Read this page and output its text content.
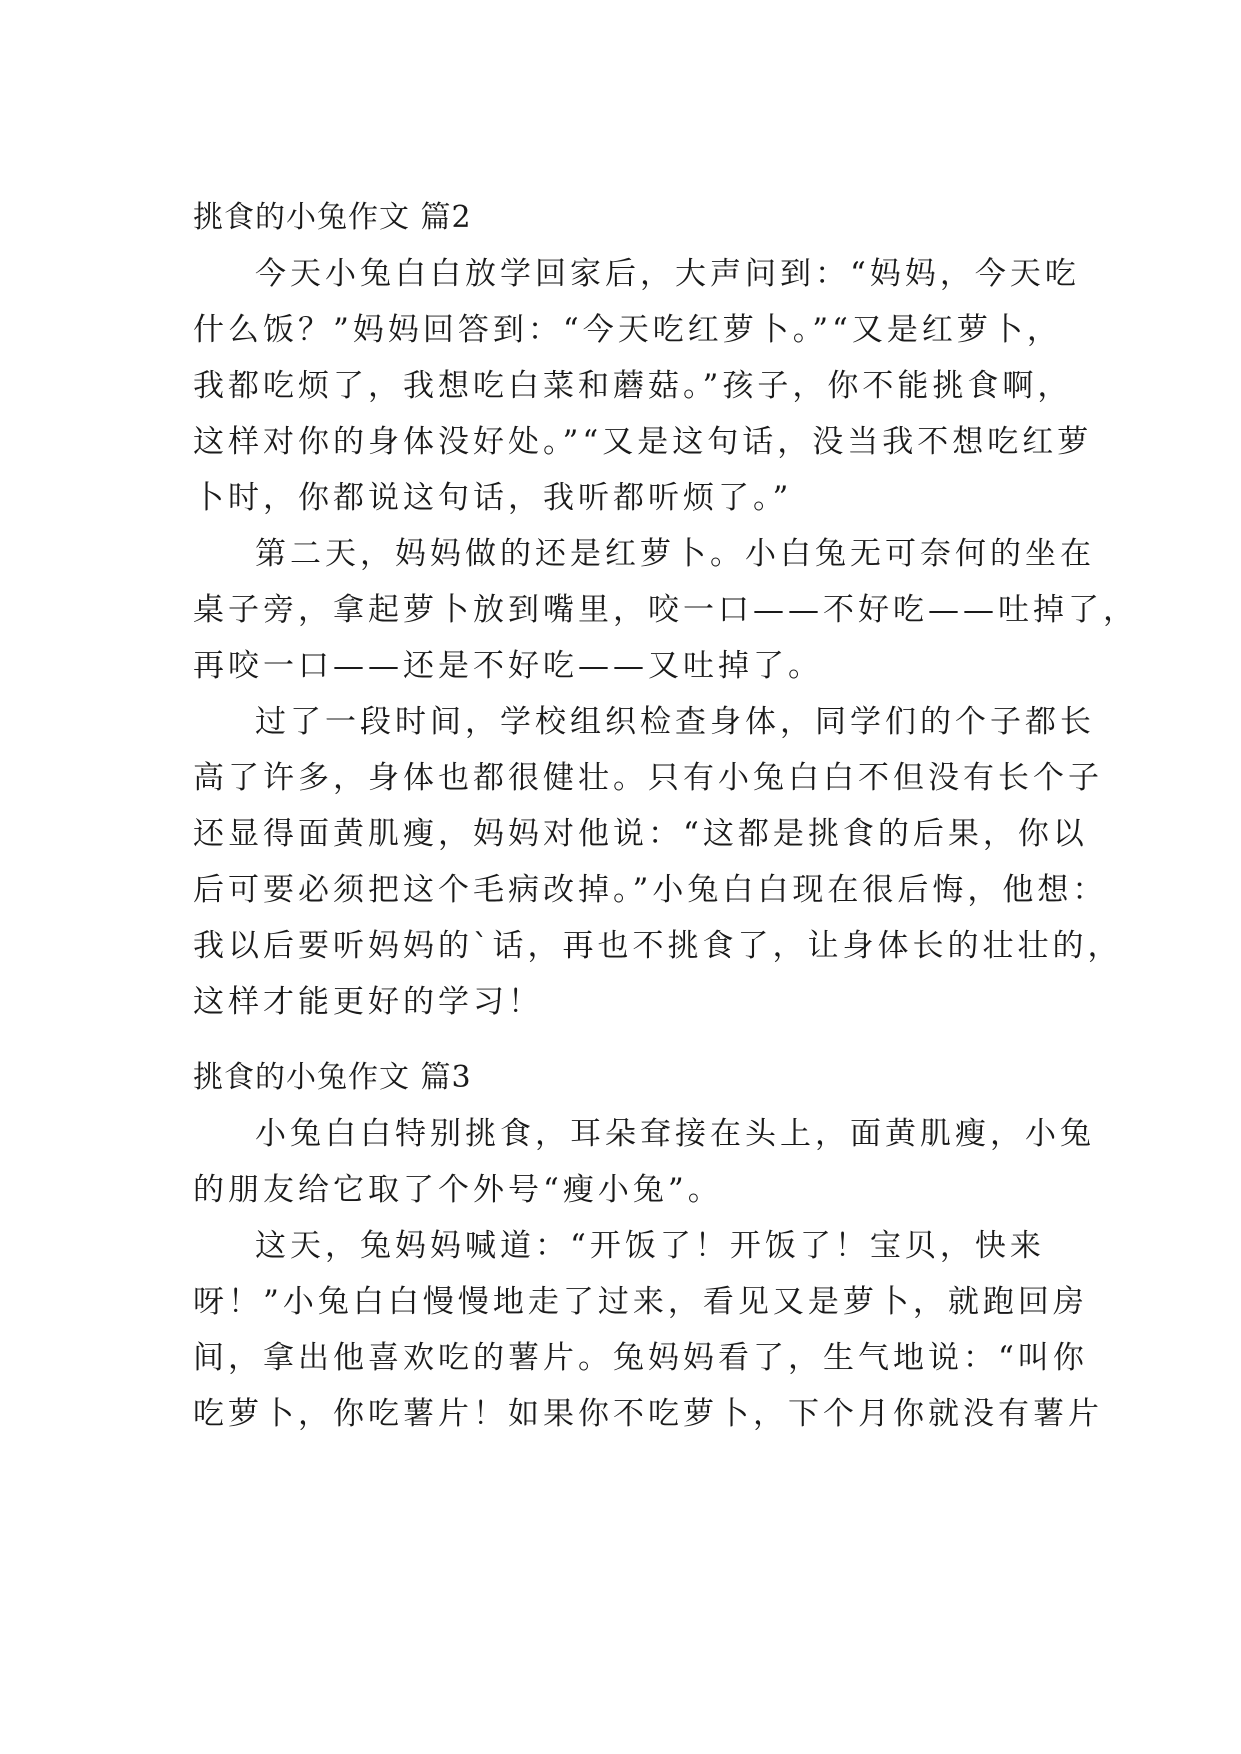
挑食的小兔作文 篇2
今天小兔白白放学回家后，大声问到：“妈妈，今天吃
什么饭？”妈妈回答到：“今天吃红萝卜。”“又是红萝卜，
我都吃烦了，我想吃白菜和蘑菇。”孩子，你不能挑食啊，
这样对你的身体没好处。”“又是这句话，没当我不想吃红萝
卜时，你都说这句话，我听都听烦了。”
第二天，妈妈做的还是红萝卜。小白兔无可奈何的坐在
桌子旁，拿起萝卜放到嘴里，咬一口——不好吃——吐掉了，
再咬一口——还是不好吃——又吐掉了。
过了一段时间，学校组织检查身体，同学们的个子都长
高了许多，身体也都很健壮。只有小兔白白不但没有长个子
还显得面黄肌瘦，妈妈对他说：“这都是挑食的后果，你以
后可要必须把这个毛病改掉。”小兔白白现在很后悔，他想：
我以后要听妈妈的`话，再也不挑食了，让身体长的壮壮的，
这样才能更好的学习！
挑食的小兔作文 篇3
小兔白白特别挑食，耳朵耷接在头上，面黄肌瘦，小兔
的朋友给它取了个外号“瘦小兔”。
这天，兔妈妈喊道：“开饭了！开饭了！宝贝，快来
呀！”小兔白白慢慢地走了过来，看见又是萝卜，就跑回房
间，拿出他喜欢吃的薯片。兔妈妈看了，生气地说：“叫你
吃萝卜，你吃薯片！如果你不吃萝卜，下个月你就没有薯片
